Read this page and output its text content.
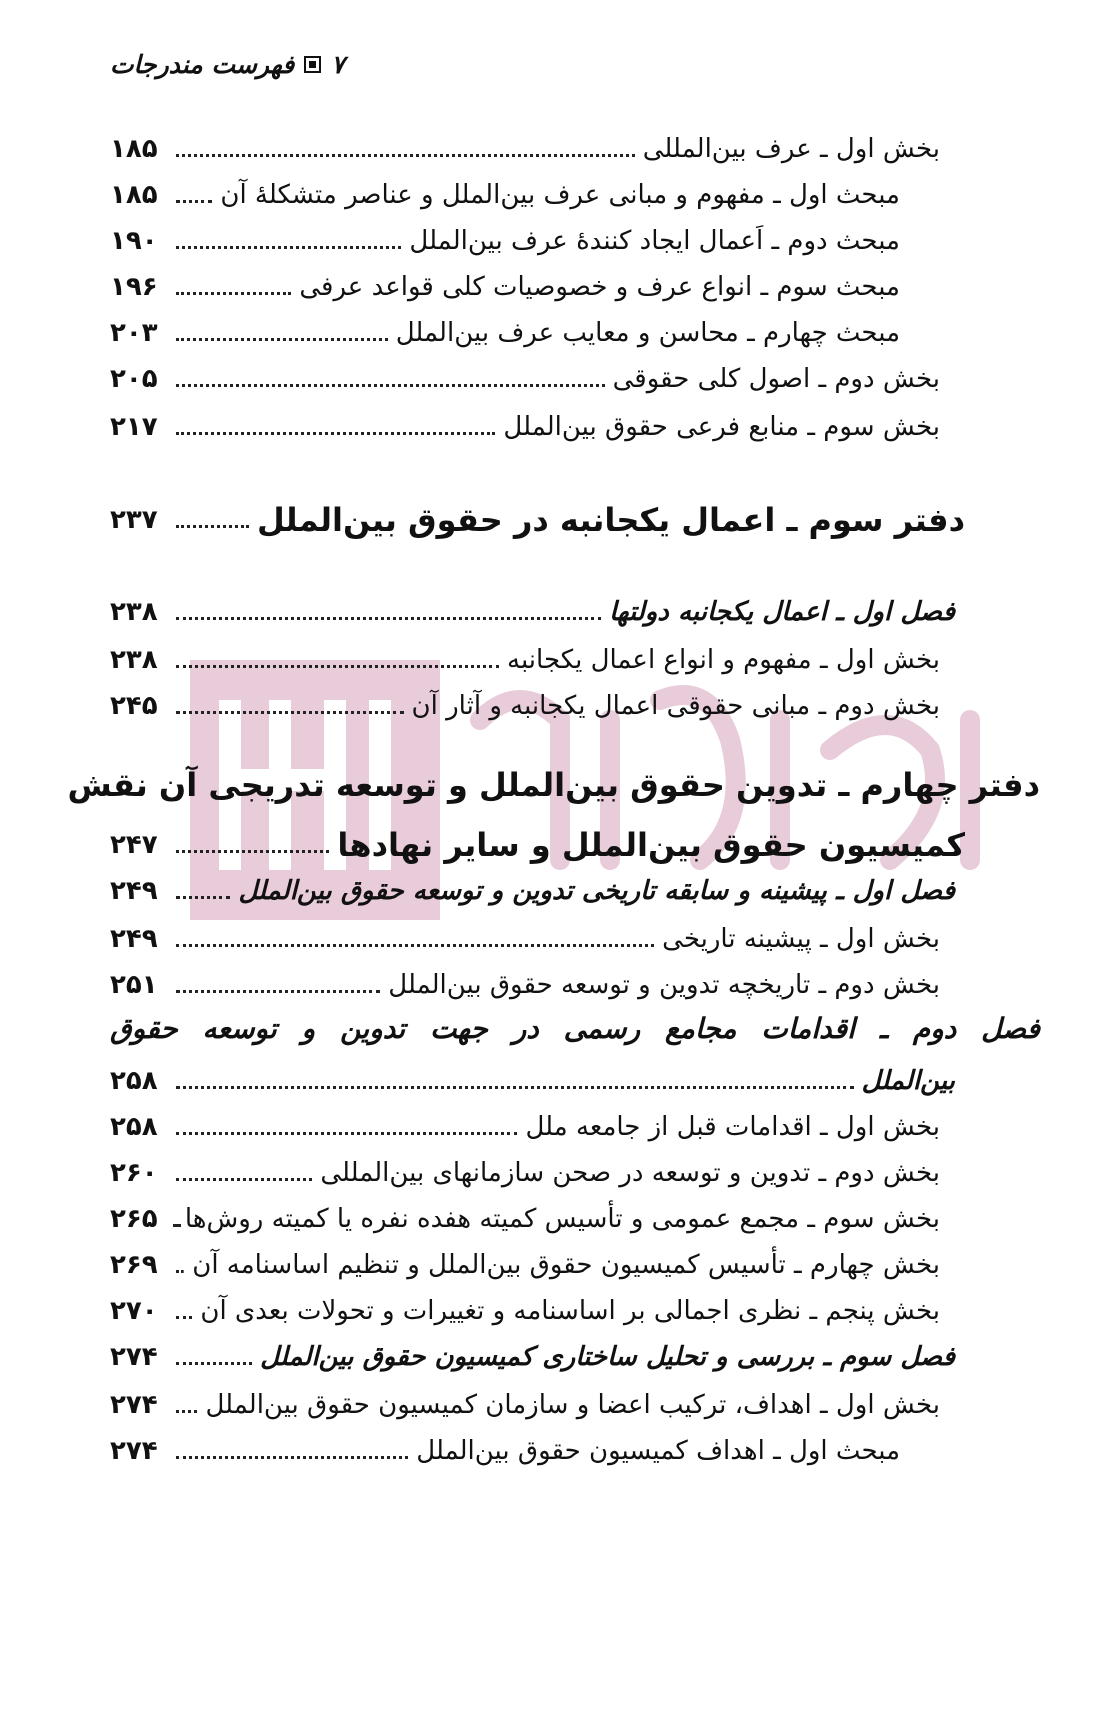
۷
فهرست مندرجات
۱۸۵	بخش اول ـ عرف بین‌المللی
۱۸۵ مبحث اول ـ مفهوم و مبانی عرف بین‌الملل و عناصر متشکلهٔ آن
۱۹۰	مبحث دوم ـ اَعمال ایجاد کنندهٔ عرف بین‌الملل
۱۹۶	مبحث سوم ـ انواع عرف و خصوصیات کلی قواعد عرفی
۲۰۳	مبحث چهارم ـ محاسن و معایب عرف بین‌الملل
۲۰۵	بخش دوم ـ اصول کلی حقوقی
۲۱۷	بخش سوم ـ منابع فرعی حقوق بین‌الملل
۲۳۷	دفتر سوم ـ اعمال یکجانبه در حقوق بین‌الملل
۲۳۸	فصل اول ـ اعمال یکجانبه دولتها
۲۳۸	بخش اول ـ مفهوم و انواع اعمال یکجانبه
۲۴۵	بخش دوم ـ مبانی حقوقی اعمال یکجانبه و آثار آن
دفتر چهارم ـ تدوین حقوق بین‌الملل و توسعه تدریجی آن نقش
۲۴۷	کمیسیون حقوق بین‌الملل و سایر نهادها
۲۴۹	فصل اول ـ پیشینه و سابقه تاریخی تدوین و توسعه حقوق بین‌الملل
۲۴۹	بخش اول ـ پیشینه تاریخی
۲۵۱	بخش دوم ـ تاریخچه تدوین و توسعه حقوق بین‌الملل
فصل دوم ـ اقدامات مجامع رسمی در جهت تدوین و توسعه حقوق
۲۵۸	بین‌الملل
۲۵۸	بخش اول ـ اقدامات قبل از جامعه ملل
۲۶۰	بخش دوم ـ تدوین و توسعه در صحن سازمانهای بین‌المللی
۲۶۵ بخش سوم ـ مجمع عمومی و تأسیس کمیته هفده نفره یا کمیته روش‌ها
۲۶۹ بخش چهارم ـ تأسیس کمیسیون حقوق بین‌الملل و تنظیم اساسنامه آن
۲۷۰ بخش پنجم ـ نظری اجمالی بر اساسنامه و تغییرات و تحولات بعدی آن
۲۷۴	فصل سوم ـ بررسی و تحلیل ساختاری کمیسیون حقوق بین‌الملل
۲۷۴ بخش اول ـ اهداف، ترکیب اعضا و سازمان کمیسیون حقوق بین‌الملل
۲۷۴	مبحث اول ـ اهداف کمیسیون حقوق بین‌الملل
